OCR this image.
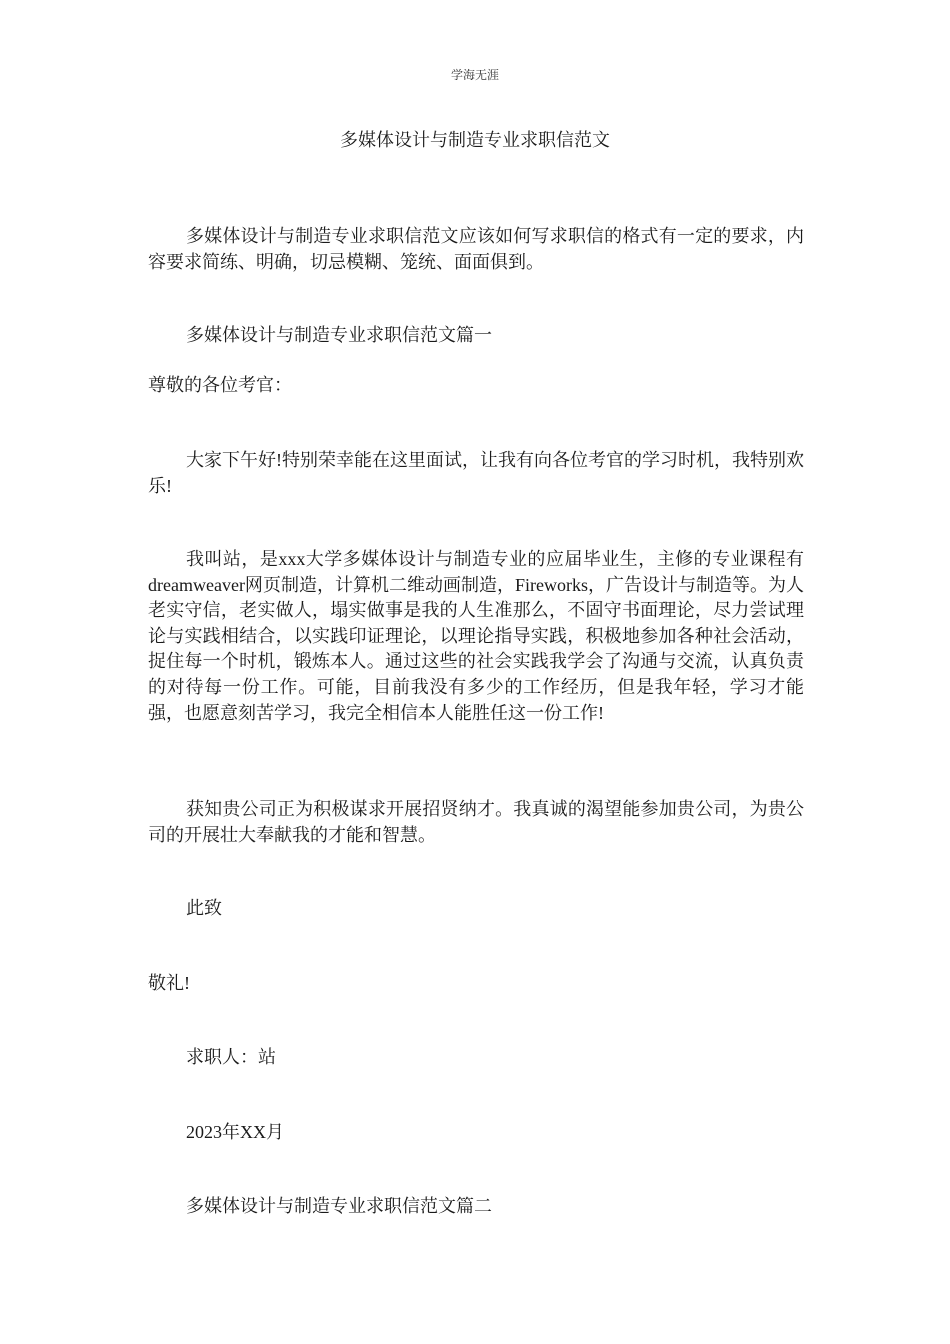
学海无涯
多媒体设计与制造专业求职信范文

多媒体设计与制造专业求职信范文应该如何写求职信的格式有一定的要求，内容要求简练、明确，切忌模糊、笼统、面面俱到。

多媒体设计与制造专业求职信范文篇一

尊敬的各位考官：

大家下午好!特别荣幸能在这里面试，让我有向各位考官的学习时机，我特别欢乐!

我叫站，是xxx大学多媒体设计与制造专业的应届毕业生，主修的专业课程有dreamweaver网页制造，计算机二维动画制造，Fireworks，广告设计与制造等。为人老实守信，老实做人，塌实做事是我的人生准那么，不固守书面理论，尽力尝试理论与实践相结合，以实践印证理论，以理论指导实践，积极地参加各种社会活动，捉住每一个时机，锻炼本人。通过这些的社会实践我学会了沟通与交流，认真负责的对待每一份工作。可能，目前我没有多少的工作经历，但是我年轻，学习才能强，也愿意刻苦学习，我完全相信本人能胜任这一份工作!

获知贵公司正为积极谋求开展招贤纳才。我真诚的渴望能参加贵公司，为贵公司的开展壮大奉献我的才能和智慧。

此致

敬礼!

求职人：站

2023年XX月

多媒体设计与制造专业求职信范文篇二
